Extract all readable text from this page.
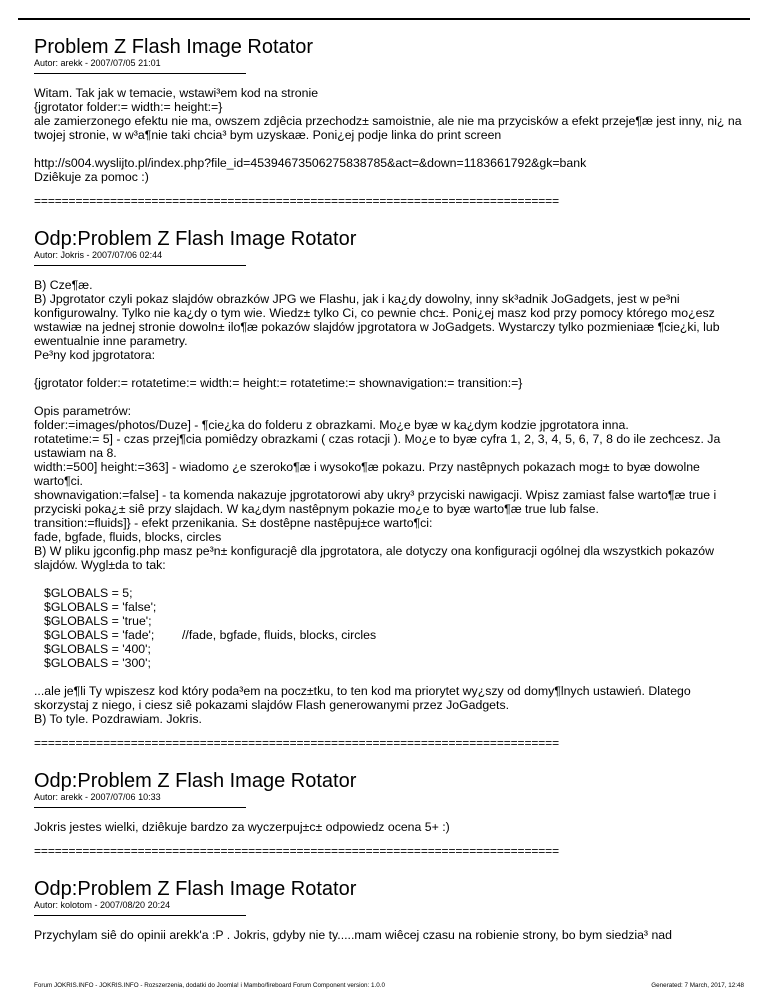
Problem Z Flash Image Rotator
Autor: arekk - 2007/07/05 21:01

Witam. Tak jak w temacie, wstawi³em kod na stronie

{jgrotator folder:= width:= height:=}

ale zamierzonego efektu nie ma, owszem zdjêcia przechodz± samoistnie, ale nie ma przycisków a efekt przeje¶æ jest inny, ni¿ na twojej stronie, w w³a¶nie taki chcia³ bym uzyskaæ. Poni¿ej podje linka do print screen

http://s004.wyslijto.pl/index.php?file_id=45394673506275838785&act=&down=1183661792&gk=bank

Dziêkuje za pomoc :)

============================================================================
Odp:Problem Z Flash Image Rotator
Autor: Jokris - 2007/07/06 02:44

B) Cze¶æ.

B) Jpgrotator czyli pokaz slajdów obrazków JPG we Flashu, jak i ka¿dy dowolny, inny sk³adnik JoGadgets, jest w pe³ni konfigurowalny. Tylko nie ka¿dy o tym wie. Wiedz± tylko Ci, co pewnie chc±. Poni¿ej masz kod przy pomocy którego mo¿esz wstawiæ na jednej stronie dowoln± ilo¶æ pokazów slajdów jpgrotatora w JoGadgets. Wystarczy tylko pozmieniaæ ¶cie¿ki, lub ewentualnie inne parametry.

Pe³ny kod jpgrotatora:

{jgrotator folder:= rotatetime:= width:= height:= rotatetime:= shownavigation:= transition:=}

Opis parametrów:

folder:=images/photos/Duze] - ¶cie¿ka do folderu z obrazkami. Mo¿e byæ w ka¿dym kodzie jpgrotatora inna.

rotatetime:= 5] - czas przej¶cia pomiêdzy obrazkami ( czas rotacji ). Mo¿e to byæ cyfra 1, 2, 3, 4, 5, 6, 7, 8 do ile zechcesz. Ja ustawiam na 8.

width:=500] height:=363] - wiadomo ¿e szeroko¶æ i wysoko¶æ pokazu. Przy nastêpnych pokazach mog± to byæ dowolne warto¶ci.

shownavigation:=false] - ta komenda nakazuje jpgrotatorowi aby ukry³ przyciski nawigacji. Wpisz zamiast false warto¶æ true i przyciski poka¿± siê przy slajdach. W ka¿dym nastêpnym pokazie mo¿e to byæ warto¶æ true lub false.

transition:=fluids]} - efekt przenikania. S± dostêpne nastêpuj±ce warto¶ci:

fade, bgfade, fluids, blocks, circles

B) W pliku jgconfig.php masz pe³n± konfiguracjê dla jpgrotatora, ale dotyczy ona konfiguracji ogólnej dla wszystkich pokazów slajdów. Wygl±da to tak:

$GLOBALS = 5;
$GLOBALS = 'false';
$GLOBALS = 'true';
$GLOBALS = 'fade';	//fade, bgfade, fluids, blocks, circles
$GLOBALS = '400';
$GLOBALS = '300';

...ale je¶li Ty wpiszesz kod który poda³em na pocz±tku, to ten kod ma priorytet wy¿szy od domy¶lnych ustawień. Dlatego skorzystaj z niego, i ciesz siê pokazami slajdów Flash generowanymi przez JoGadgets.

B) To tyle. Pozdrawiam. Jokris.

============================================================================
Odp:Problem Z Flash Image Rotator
Autor: arekk - 2007/07/06 10:33

Jokris jestes wielki, dziêkuje bardzo za wyczerpuj±c± odpowiedz ocena 5+ :)

============================================================================
Odp:Problem Z Flash Image Rotator
Autor: kolotom - 2007/08/20 20:24

Przychylam siê do opinii arekk'a :P . Jokris, gdyby nie ty.....mam wiêcej czasu na robienie strony, bo bym siedzia³ nad

Forum JOKRIS.INFO - JOKRIS.INFO - Rozszerzenia, dodatki do Joomla! i Mambo/fireboard Forum Component version: 1.0.0	Generated: 7 March, 2017, 12:48
